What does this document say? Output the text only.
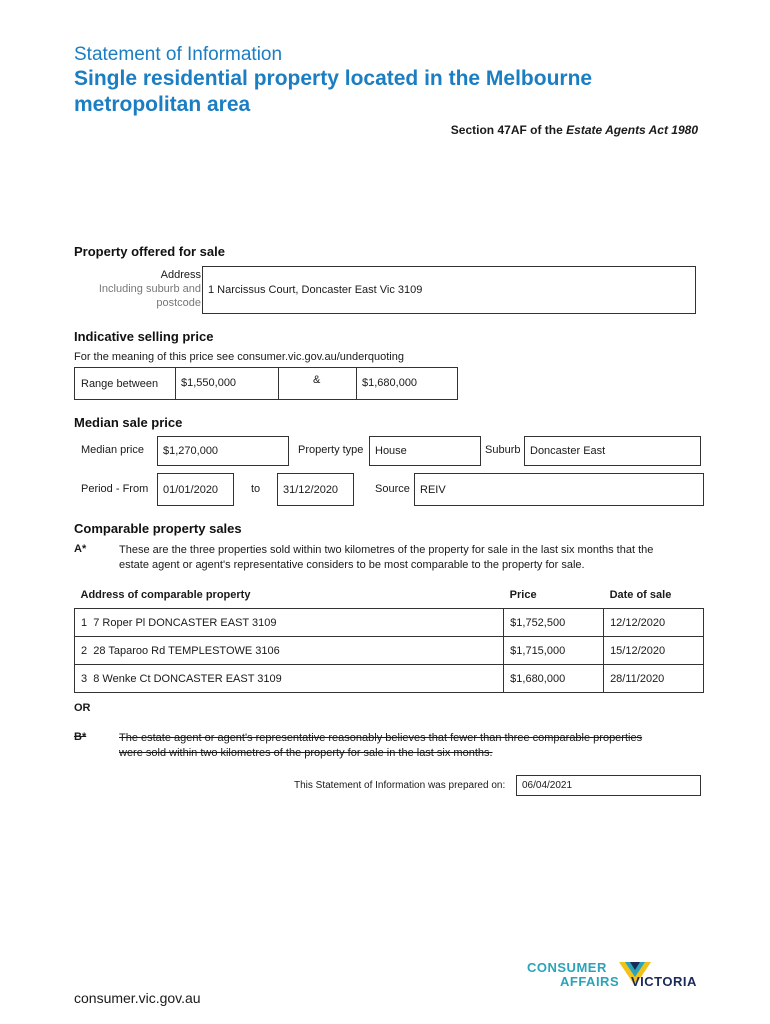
Statement of Information
Single residential property located in the Melbourne
metropolitan area
Section 47AF of the Estate Agents Act 1980
Property offered for sale
Address
Including suburb and
postcode
1 Narcissus Court, Doncaster East Vic 3109
Indicative selling price
For the meaning of this price see consumer.vic.gov.au/underquoting
Range between	$1,550,000	&	$1,680,000
Median sale price
Median price	$1,270,000	Property type	House	Suburb Doncaster East
Period - From	01/01/2020	to	31/12/2020	Source REIV
Comparable property sales
A*	These are the three properties sold within two kilometres of the property for sale in the last six months that the
estate agent or agent's representative considers to be most comparable to the property for sale.
Address of comparable property	Price	Date of sale
1 7 Roper Pl DONCASTER EAST 3109	$1,752,500	12/12/2020
2 28 Taparoo Rd TEMPLESTOWE 3106	$1,715,000	15/12/2020
3 8 Wenke Ct DONCASTER EAST 3109	$1,680,000	28/11/2020
OR
B*	The estate agent or agent's representative reasonably believes that fewer than three comparable properties
were sold within two kilometres of the property for sale in the last six months.
This Statement of Information was prepared on:	06/04/2021
consumer.vic.gov.au
CONSUMER
AFFAIRS VICTORIA
